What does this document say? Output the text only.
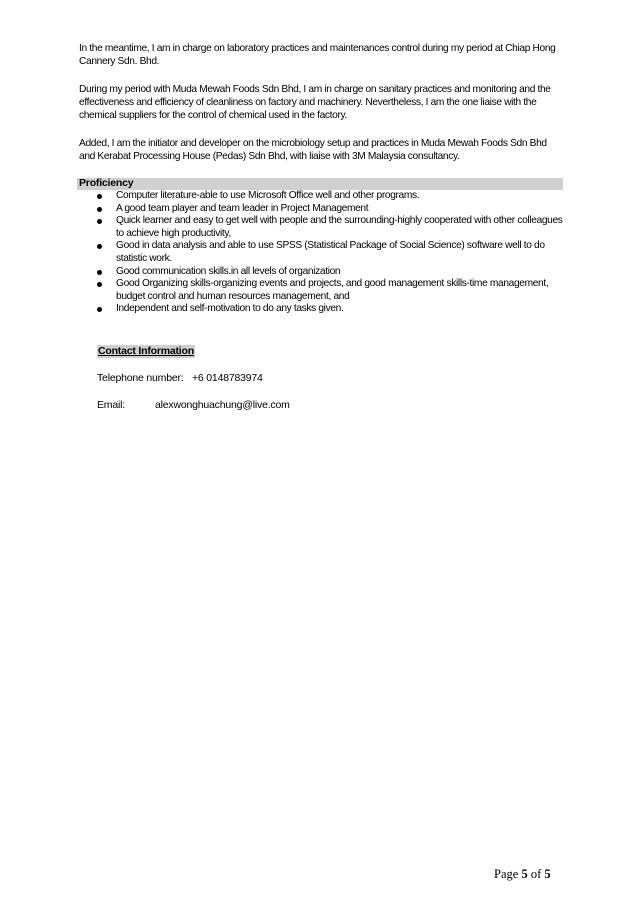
In the meantime, I am in charge on laboratory practices and maintenances control during my period at Chiap Hong Cannery Sdn. Bhd.
During my period with Muda Mewah Foods Sdn Bhd, I am in charge on sanitary practices and monitoring and the effectiveness and efficiency of cleanliness on factory and machinery. Nevertheless, I am the one liaise with the chemical suppliers for the control of chemical used in the factory.
Added, I am the initiator and developer on the microbiology setup and practices in Muda Mewah Foods Sdn Bhd and Kerabat Processing House (Pedas) Sdn Bhd, with liaise with 3M Malaysia consultancy.
Proficiency
Computer literature-able to use Microsoft Office well and other programs.
A good team player and team leader in Project Management
Quick learner and easy to get well with people and the surrounding-highly cooperated with other colleagues to achieve high productivity,
Good in data analysis and able to use SPSS (Statistical Package of Social Science) software well to do statistic work.
Good communication skills.in all levels of organization
Good Organizing skills-organizing events and projects, and good management skills-time management, budget control and human resources management, and
Independent and self-motivation to do any tasks given.
Contact Information
Telephone number: +6 0148783974
Email:	alexwonghuachung@live.com
Page 5 of 5
